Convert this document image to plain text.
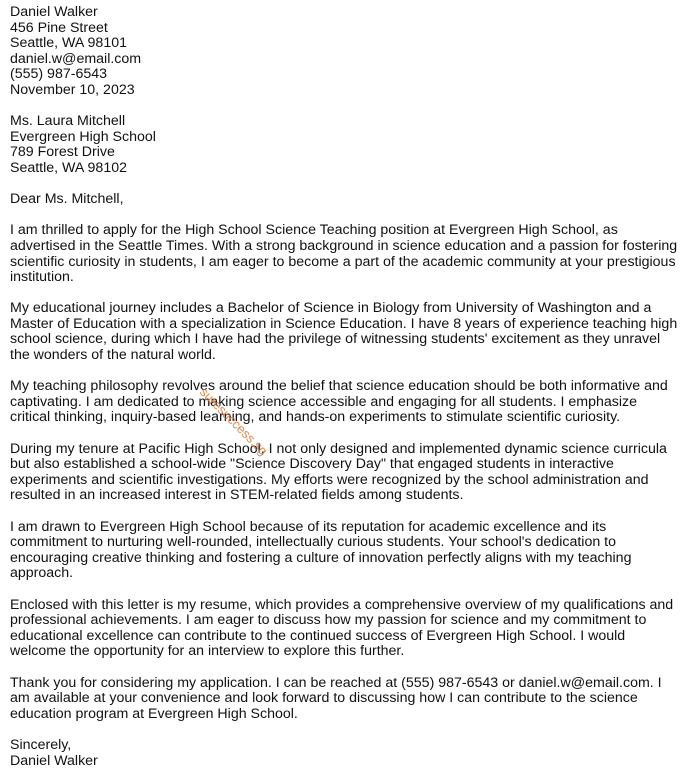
Daniel Walker
456 Pine Street
Seattle, WA 98101
daniel.w@email.com
(555) 987-6543
November 10, 2023
Ms. Laura Mitchell
Evergreen High School
789 Forest Drive
Seattle, WA 98102
Dear Ms. Mitchell,
I am thrilled to apply for the High School Science Teaching position at Evergreen High School, as
advertised in the Seattle Times. With a strong background in science education and a passion for fostering
scientific curiosity in students, I am eager to become a part of the academic community at your prestigious
institution.
My educational journey includes a Bachelor of Science in Biology from University of Washington and a
Master of Education with a specialization in Science Education. I have 8 years of experience teaching high
school science, during which I have had the privilege of witnessing students' excitement as they unravel
the wonders of the natural world.
My teaching philosophy revolves around the belief that science education should be both informative and
captivating. I am dedicated to making science accessible and engaging for all students. I emphasize
critical thinking, inquiry-based learning, and hands-on experiments to stimulate scientific curiosity.
During my tenure at Pacific High School, I not only designed and implemented dynamic science curricula
but also established a school-wide "Science Discovery Day" that engaged students in interactive
experiments and scientific investigations. My efforts were recognized by the school administration and
resulted in an increased interest in STEM-related fields among students.
I am drawn to Evergreen High School because of its reputation for academic excellence and its
commitment to nurturing well-rounded, intellectually curious students. Your school's dedication to
encouraging creative thinking and fostering a culture of innovation perfectly aligns with my teaching
approach.
Enclosed with this letter is my resume, which provides a comprehensive overview of my qualifications and
professional achievements. I am eager to discuss how my passion for science and my commitment to
educational excellence can contribute to the continued success of Evergreen High School. I would
welcome the opportunity for an interview to explore this further.
Thank you for considering my application. I can be reached at (555) 987-6543 or daniel.w@email.com. I
am available at your convenience and look forward to discussing how I can contribute to the science
education program at Evergreen High School.
Sincerely,
Daniel Walker
suresuccess.sg
